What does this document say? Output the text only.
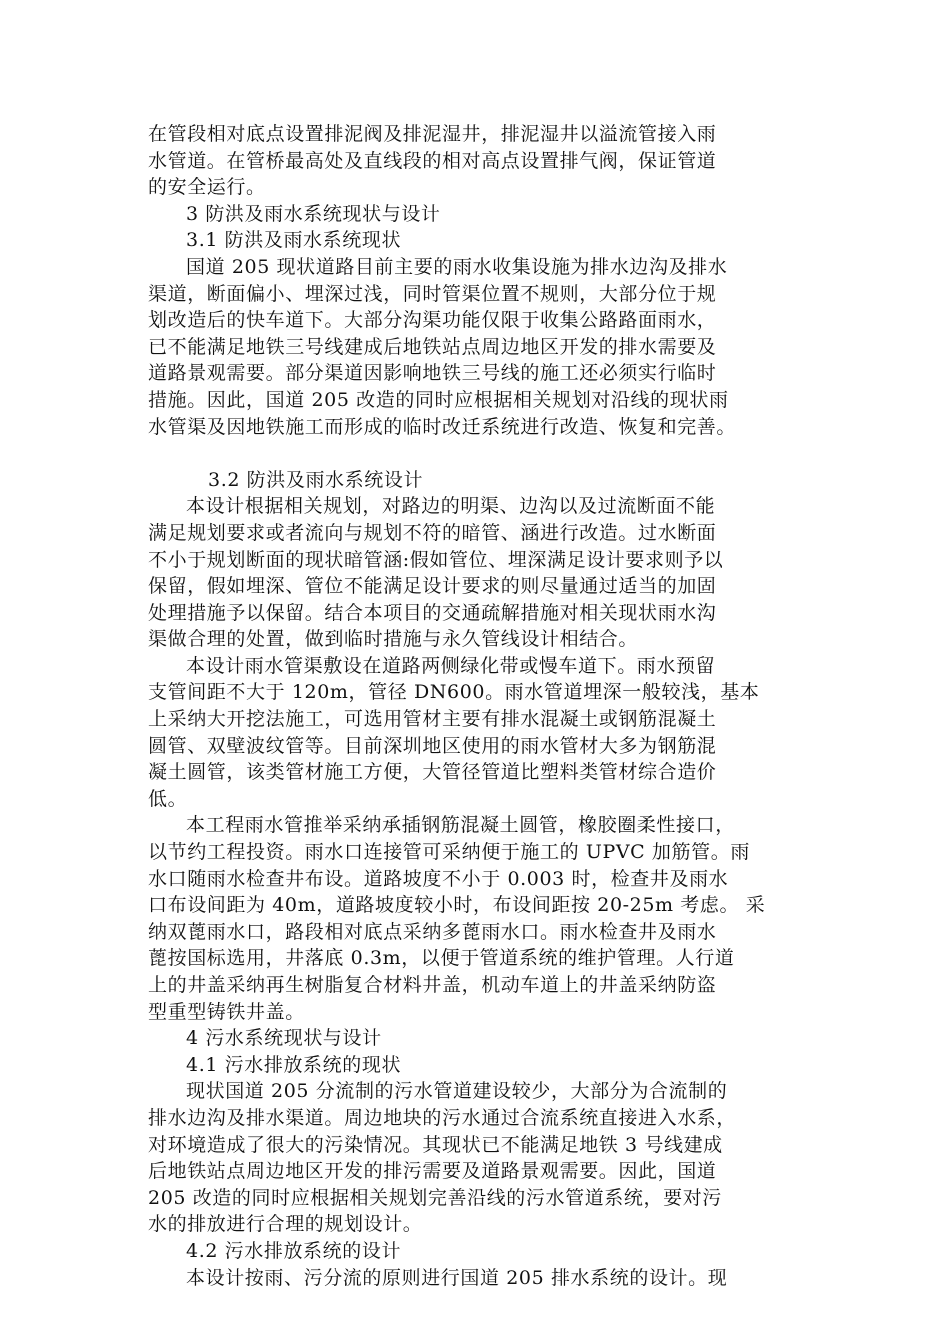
在管段相对底点设置排泥阀及排泥湿井，排泥湿井以溢流管接入雨
水管道。在管桥最高处及直线段的相对高点设置排气阀，保证管道
的安全运行。
3 防洪及雨水系统现状与设计
3.1 防洪及雨水系统现状
国道 205 现状道路目前主要的雨水收集设施为排水边沟及排水
渠道，断面偏小、埋深过浅，同时管渠位置不规则，大部分位于规
划改造后的快车道下。大部分沟渠功能仅限于收集公路路面雨水，
已不能满足地铁三号线建成后地铁站点周边地区开发的排水需要及
道路景观需要。部分渠道因影响地铁三号线的施工还必须实行临时
措施。因此，国道 205 改造的同时应根据相关规划对沿线的现状雨
水管渠及因地铁施工而形成的临时改迁系统进行改造、恢复和完善。
3.2 防洪及雨水系统设计
本设计根据相关规划，对路边的明渠、边沟以及过流断面不能
满足规划要求或者流向与规划不符的暗管、涵进行改造。过水断面
不小于规划断面的现状暗管涵:假如管位、埋深满足设计要求则予以
保留，假如埋深、管位不能满足设计要求的则尽量通过适当的加固
处理措施予以保留。结合本项目的交通疏解措施对相关现状雨水沟
渠做合理的处置，做到临时措施与永久管线设计相结合。
本设计雨水管渠敷设在道路两侧绿化带或慢车道下。雨水预留
支管间距不大于 120m，管径 DN600。雨水管道埋深一般较浅，基本
上采纳大开挖法施工，可选用管材主要有排水混凝土或钢筋混凝土
圆管、双壁波纹管等。目前深圳地区使用的雨水管材大多为钢筋混
凝土圆管，该类管材施工方便，大管径管道比塑料类管材综合造价
低。
本工程雨水管推举采纳承插钢筋混凝土圆管，橡胶圈柔性接口，
以节约工程投资。雨水口连接管可采纳便于施工的 UPVC 加筋管。雨
水口随雨水检查井布设。道路坡度不小于 0.003 时，检查井及雨水
口布设间距为 40m，道路坡度较小时，布设间距按 20-25m 考虑。 采
纳双蓖雨水口，路段相对底点采纳多蓖雨水口。雨水检查井及雨水
蓖按国标选用，井落底 0.3m，以便于管道系统的维护管理。人行道
上的井盖采纳再生树脂复合材料井盖，机动车道上的井盖采纳防盗
型重型铸铁井盖。
4 污水系统现状与设计
4.1 污水排放系统的现状
现状国道 205 分流制的污水管道建设较少，大部分为合流制的
排水边沟及排水渠道。周边地块的污水通过合流系统直接进入水系，
对环境造成了很大的污染情况。其现状已不能满足地铁 3 号线建成
后地铁站点周边地区开发的排污需要及道路景观需要。因此，国道
205 改造的同时应根据相关规划完善沿线的污水管道系统，要对污
水的排放进行合理的规划设计。
4.2 污水排放系统的设计
本设计按雨、污分流的原则进行国道 205 排水系统的设计。现
